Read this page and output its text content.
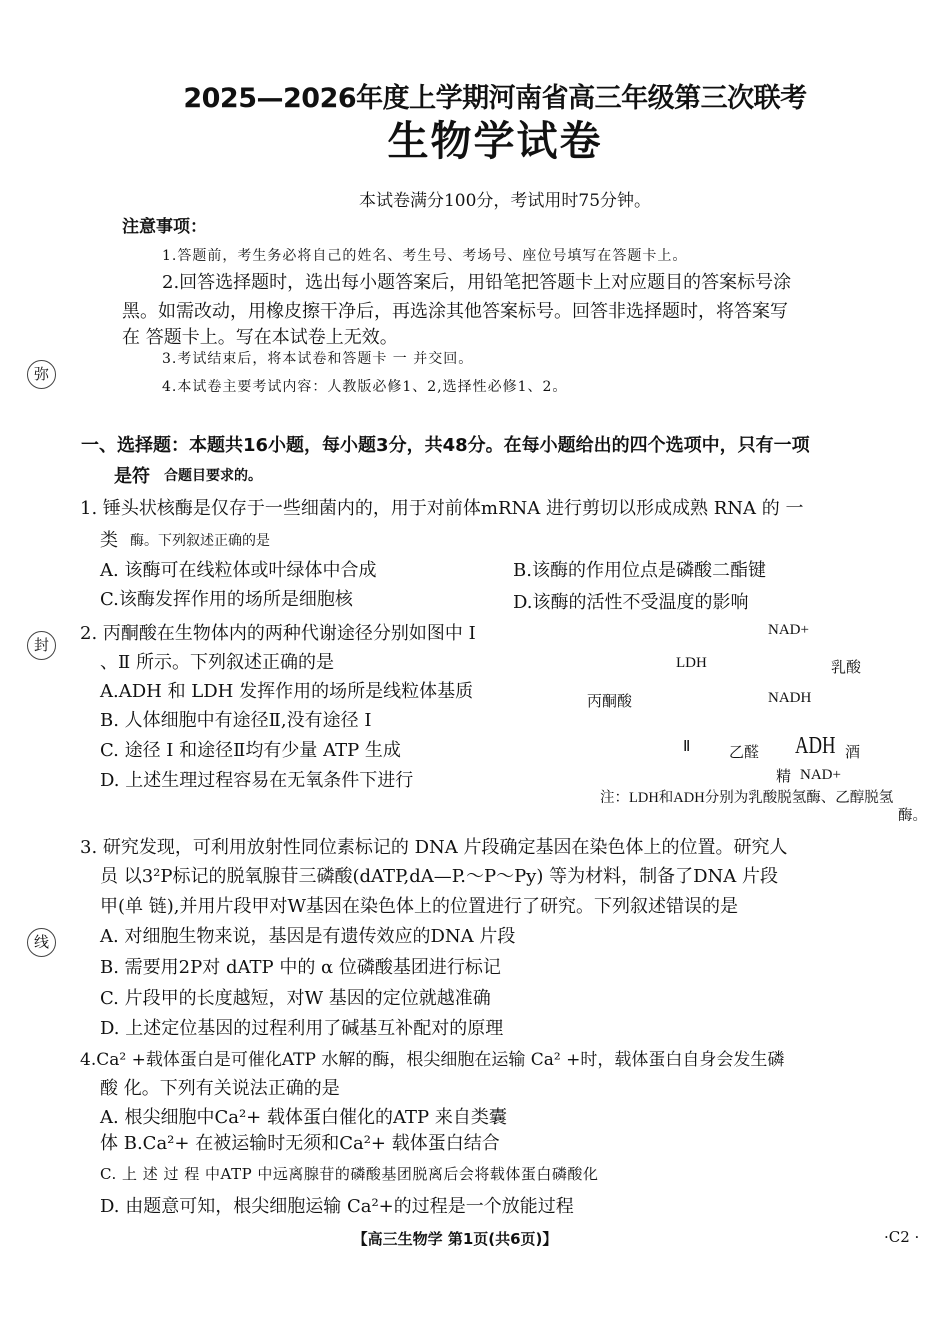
2025—2026年度上学期河南省高三年级第三次联考
生物学试卷
本试卷满分100分，考试用时75分钟。
注意事项：
1.答题前，考生务必将自己的姓名、考生号、考场号、座位号填写在答题卡上。
2.回答选择题时，选出每小题答案后，用铅笔把答题卡上对应题目的答案标号涂
黑。如需改动，用橡皮擦干净后，再选涂其他答案标号。回答非选择题时，将答案写
在 答题卡上。写在本试卷上无效。
3.考试结束后，将本试卷和答题卡 一 并交回。
4.本试卷主要考试内容：人教版必修1、2,选择性必修1、2。
弥
封
线
一、选择题：本题共16小题，每小题3分，共48分。在每小题给出的四个选项中，只有一项
是符 合题目要求的。
1. 锤头状核酶是仅存于一些细菌内的，用于对前体mRNA 进行剪切以形成成熟 RNA 的 一
类 酶。下列叙述正确的是
A. 该酶可在线粒体或叶绿体中合成	B.该酶的作用位点是磷酸二酯键
C.该酶发挥作用的场所是细胞核	D.该酶的活性不受温度的影响
2. 丙酮酸在生物体内的两种代谢途径分别如图中 I
、Ⅱ 所示。下列叙述正确的是
A.ADH 和 LDH 发挥作用的场所是线粒体基质
B. 人体细胞中有途径Ⅱ,没有途径 I
C. 途径 I 和途径Ⅱ均有少量 ATP 生成
D. 上述生理过程容易在无氧条件下进行
NAD+
LDH	乳酸
丙酮酸	NADH
Ⅱ	乙醛 ADH 酒
精 NAD+
注：LDH和ADH分别为乳酸脱氢酶、乙醇脱氢
酶。
3. 研究发现，可利用放射性同位素标记的 DNA 片段确定基因在染色体上的位置。研究人
员 以3²P标记的脱氧腺苷三磷酸(dATP,dA—P.～P～Py) 等为材料，制备了DNA 片段
甲(单 链),并用片段甲对W基因在染色体上的位置进行了研究。下列叙述错误的是
A. 对细胞生物来说，基因是有遗传效应的DNA 片段
B. 需要用2P对 dATP 中的 α 位磷酸基团进行标记
C. 片段甲的长度越短，对W 基因的定位就越准确
D. 上述定位基因的过程利用了碱基互补配对的原理
4.Ca² +载体蛋白是可催化ATP 水解的酶，根尖细胞在运输 Ca² +时，载体蛋白自身会发生磷
酸 化。下列有关说法正确的是
A. 根尖细胞中Ca²+ 载体蛋白催化的ATP 来自类囊
体 B.Ca²+ 在被运输时无须和Ca²+ 载体蛋白结合
C. 上 述 过 程 中ATP 中远离腺苷的磷酸基团脱离后会将载体蛋白磷酸化
D. 由题意可知，根尖细胞运输 Ca²+的过程是一个放能过程
【高三生物学 第1页(共6页)】	·C2 ·
